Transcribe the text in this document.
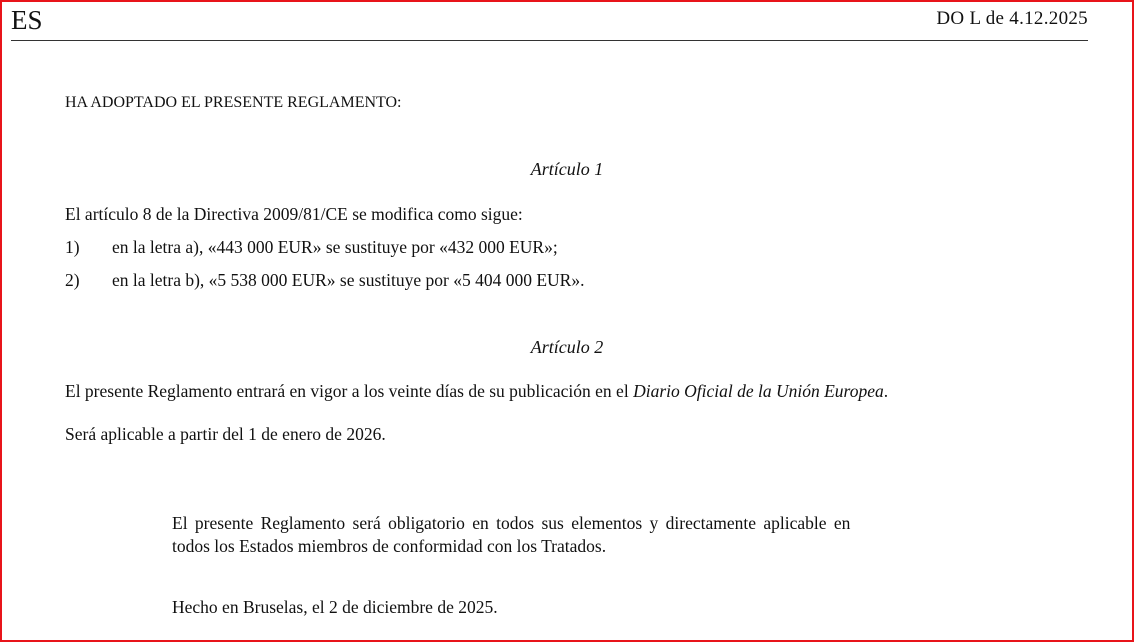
ES	DO L de 4.12.2025
HA ADOPTADO EL PRESENTE REGLAMENTO:
Artículo 1
El artículo 8 de la Directiva 2009/81/CE se modifica como sigue:
1) en la letra a), «443 000 EUR» se sustituye por «432 000 EUR»;
2) en la letra b), «5 538 000 EUR» se sustituye por «5 404 000 EUR».
Artículo 2
El presente Reglamento entrará en vigor a los veinte días de su publicación en el Diario Oficial de la Unión Europea.
Será aplicable a partir del 1 de enero de 2026.
El presente Reglamento será obligatorio en todos sus elementos y directamente aplicable en
todos los Estados miembros de conformidad con los Tratados.
Hecho en Bruselas, el 2 de diciembre de 2025.
